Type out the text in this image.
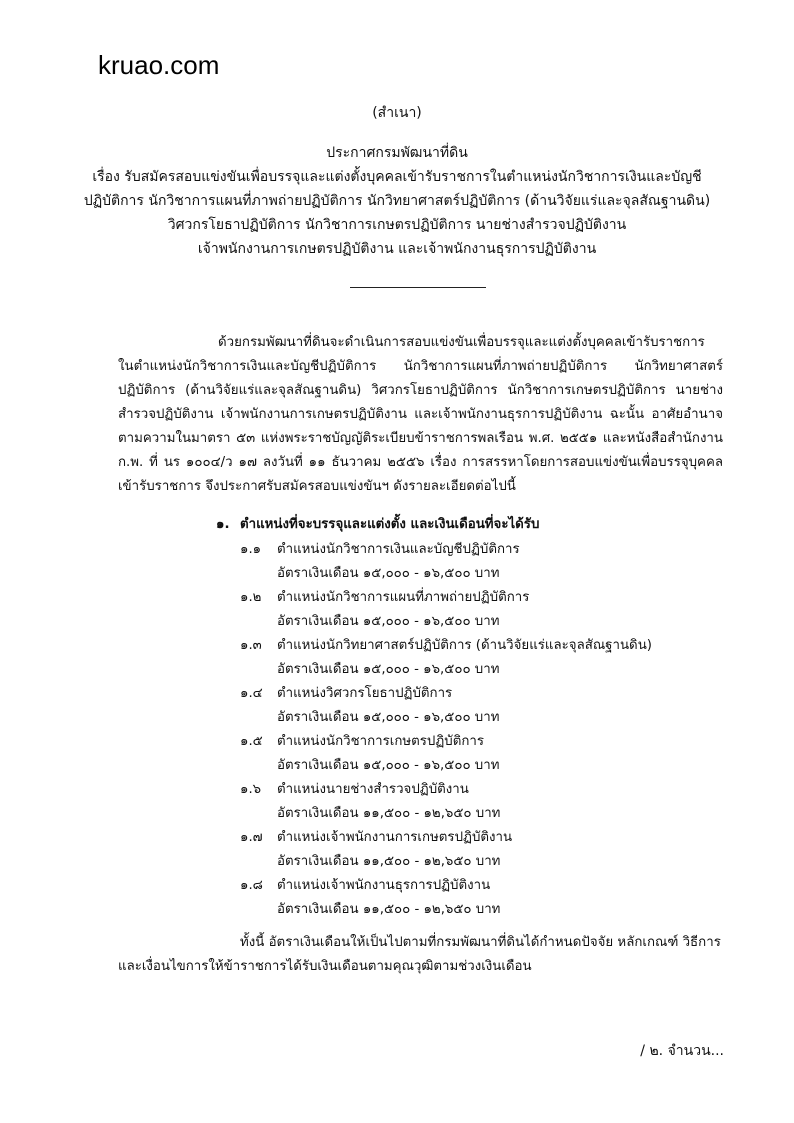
kruao.com
(สำเนา)
ประกาศกรมพัฒนาที่ดิน
เรื่อง รับสมัครสอบแข่งขันเพื่อบรรจุและแต่งตั้งบุคคลเข้ารับราชการในตำแหน่งนักวิชาการเงินและบัญชี
ปฏิบัติการ นักวิชาการแผนที่ภาพถ่ายปฏิบัติการ นักวิทยาศาสตร์ปฏิบัติการ (ด้านวิจัยแร่และจุลสัณฐานดิน)
วิศวกรโยธาปฏิบัติการ นักวิชาการเกษตรปฏิบัติการ นายช่างสำรวจปฏิบัติงาน
เจ้าพนักงานการเกษตรปฏิบัติงาน และเจ้าพนักงานธุรการปฏิบัติงาน
ด้วยกรมพัฒนาที่ดินจะดำเนินการสอบแข่งขันเพื่อบรรจุและแต่งตั้งบุคคลเข้ารับราชการ
ในตำแหน่งนักวิชาการเงินและบัญชีปฏิบัติการ นักวิชาการแผนที่ภาพถ่ายปฏิบัติการ นักวิทยาศาสตร์
ปฏิบัติการ (ด้านวิจัยแร่และจุลสัณฐานดิน) วิศวกรโยธาปฏิบัติการ นักวิชาการเกษตรปฏิบัติการ นายช่าง
สำรวจปฏิบัติงาน เจ้าพนักงานการเกษตรปฏิบัติงาน และเจ้าพนักงานธุรการปฏิบัติงาน ฉะนั้น อาศัยอำนาจ
ตามความในมาตรา ๕๓ แห่งพระราชบัญญัติระเบียบข้าราชการพลเรือน พ.ศ. ๒๕๕๑ และหนังสือสำนักงาน
ก.พ. ที่ นร ๑๐๐๔/ว ๑๗ ลงวันที่ ๑๑ ธันวาคม ๒๕๕๖ เรื่อง การสรรหาโดยการสอบแข่งขันเพื่อบรรจุบุคคล
เข้ารับราชการ จึงประกาศรับสมัครสอบแข่งขันฯ ดังรายละเอียดต่อไปนี้
๑. ตำแหน่งที่จะบรรจุและแต่งตั้ง และเงินเดือนที่จะได้รับ
๑.๑ ตำแหน่งนักวิชาการเงินและบัญชีปฏิบัติการ
อัตราเงินเดือน ๑๕,๐๐๐ - ๑๖,๕๐๐ บาท
๑.๒ ตำแหน่งนักวิชาการแผนที่ภาพถ่ายปฏิบัติการ
อัตราเงินเดือน ๑๕,๐๐๐ - ๑๖,๕๐๐ บาท
๑.๓ ตำแหน่งนักวิทยาศาสตร์ปฏิบัติการ (ด้านวิจัยแร่และจุลสัณฐานดิน)
อัตราเงินเดือน ๑๕,๐๐๐ - ๑๖,๕๐๐ บาท
๑.๔ ตำแหน่งวิศวกรโยธาปฏิบัติการ
อัตราเงินเดือน ๑๕,๐๐๐ - ๑๖,๕๐๐ บาท
๑.๕ ตำแหน่งนักวิชาการเกษตรปฏิบัติการ
อัตราเงินเดือน ๑๕,๐๐๐ - ๑๖,๕๐๐ บาท
๑.๖ ตำแหน่งนายช่างสำรวจปฏิบัติงาน
อัตราเงินเดือน ๑๑,๕๐๐ - ๑๒,๖๕๐ บาท
๑.๗ ตำแหน่งเจ้าพนักงานการเกษตรปฏิบัติงาน
อัตราเงินเดือน ๑๑,๕๐๐ - ๑๒,๖๕๐ บาท
๑.๘ ตำแหน่งเจ้าพนักงานธุรการปฏิบัติงาน
อัตราเงินเดือน ๑๑,๕๐๐ - ๑๒,๖๕๐ บาท
ทั้งนี้ อัตราเงินเดือนให้เป็นไปตามที่กรมพัฒนาที่ดินได้กำหนดปัจจัย หลักเกณฑ์ วิธีการ
และเงื่อนไขการให้ข้าราชการได้รับเงินเดือนตามคุณวุฒิตามช่วงเงินเดือน
/ ๒. จำนวน...
